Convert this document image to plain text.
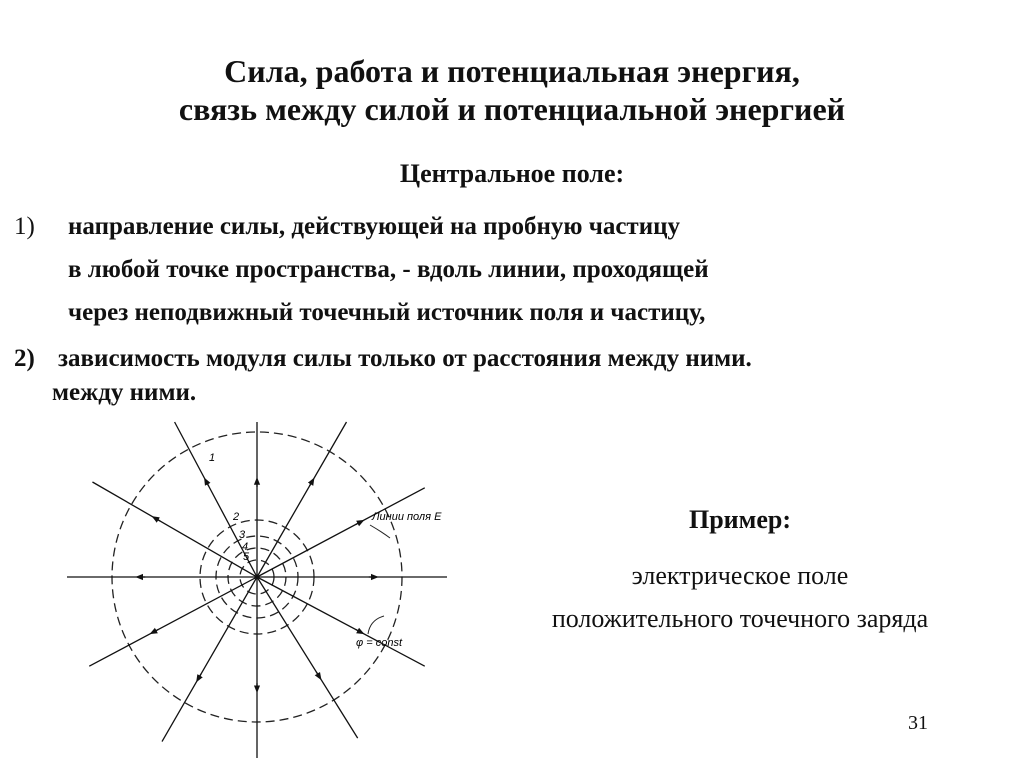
Сила, работа и потенциальная энергия,
связь между силой и потенциальной энергией
Центральное поле:
1) направление силы, действующей на пробную частицу
в любой точке пространства, - вдоль линии, проходящей
через неподвижный точечный источник поля и частицу,
2) зависимость модуля силы только от расстояния между ними.
между ними.
1
2
3
4
5
Линии поля E
φ = const
Пример:
электрическое поле
положительного точечного заряда
31
